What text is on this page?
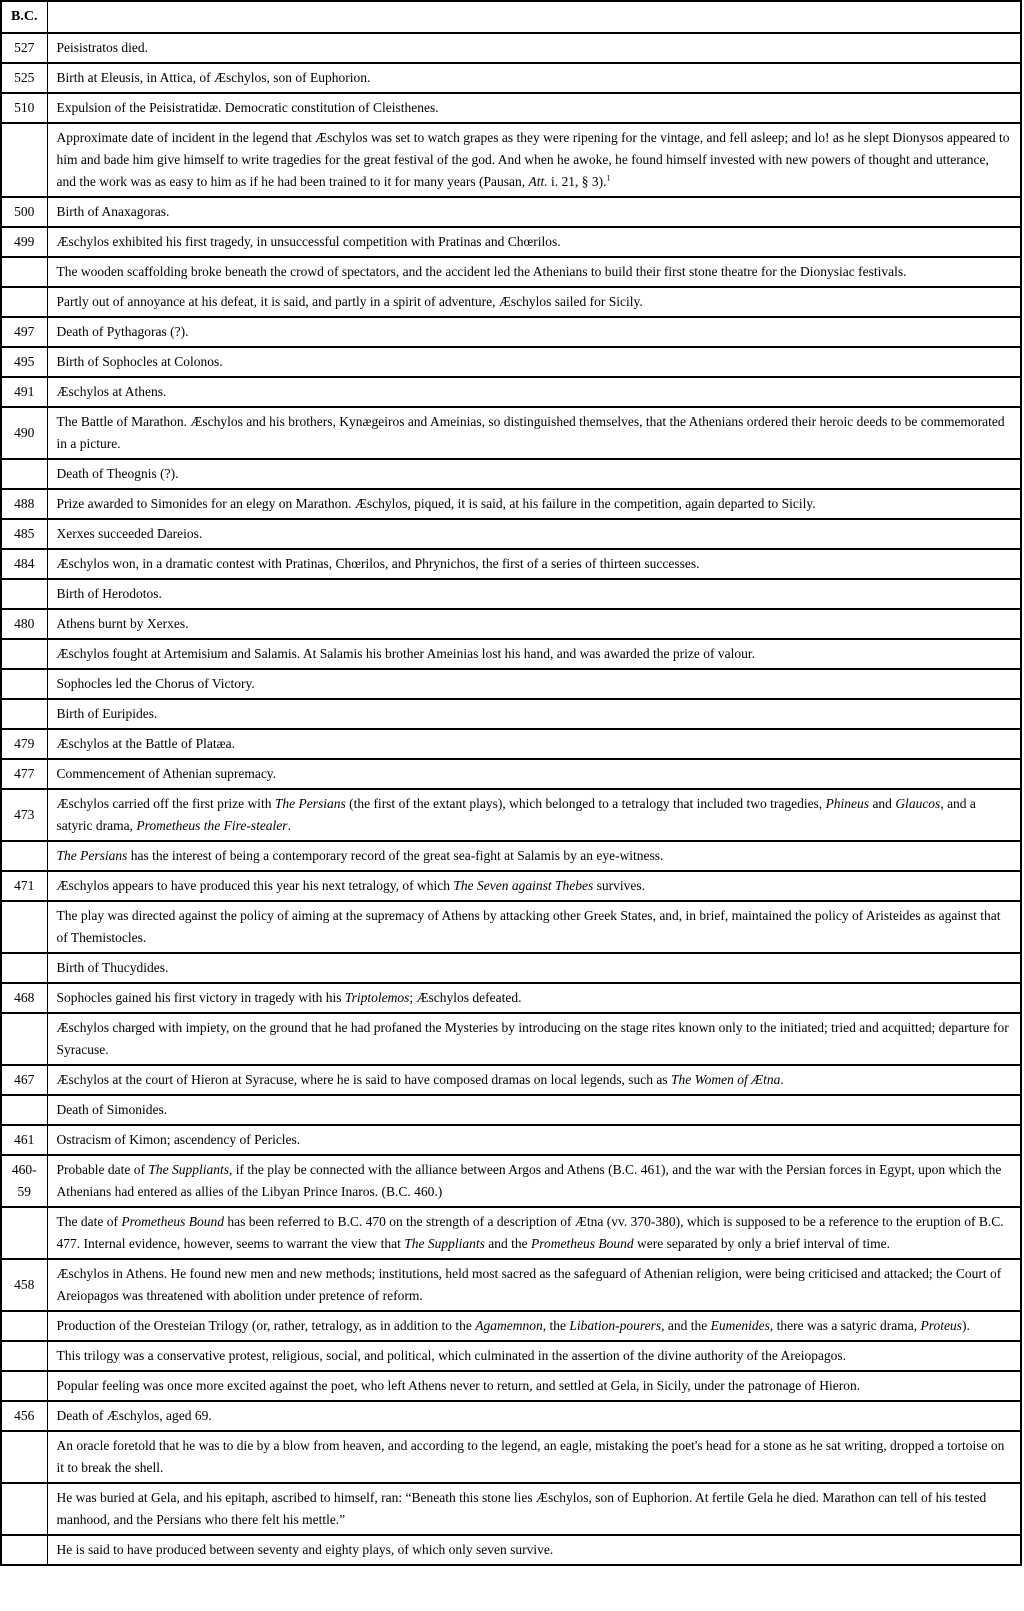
B.C.	
527	Peisistratos died.
525	Birth at Eleusis, in Attica, of Æschylos, son of Euphorion.
510	Expulsion of the Peisistratidæ. Democratic constitution of Cleisthenes.
	Approximate date of incident in the legend that Æschylos was set to watch grapes as they were ripening for the vintage, and fell asleep; and lo! as he slept Dionysos appeared to him and bade him give himself to write tragedies for the great festival of the god. And when he awoke, he found himself invested with new powers of thought and utterance, and the work was as easy to him as if he had been trained to it for many years (Pausan, Att. i. 21, § 3).$^1$
500	Birth of Anaxagoras.
499	Æschylos exhibited his first tragedy, in unsuccessful competition with Pratinas and Chœrilos.
	The wooden scaffolding broke beneath the crowd of spectators, and the accident led the Athenians to build their first stone theatre for the Dionysiac festivals.
	Partly out of annoyance at his defeat, it is said, and partly in a spirit of adventure, Æschylos sailed for Sicily.
497	Death of Pythagoras (?).
495	Birth of Sophocles at Colonos.
491	Æschylos at Athens.
490	The Battle of Marathon. Æschylos and his brothers, Kynægeiros and Ameinias, so distinguished themselves, that the Athenians ordered their heroic deeds to be commemorated in a picture.
	Death of Theognis (?).
488	Prize awarded to Simonides for an elegy on Marathon. Æschylos, piqued, it is said, at his failure in the competition, again departed to Sicily.
485	Xerxes succeeded Dareios.
484	Æschylos won, in a dramatic contest with Pratinas, Chœrilos, and Phrynichos, the first of a series of thirteen successes.
	Birth of Herodotos.
480	Athens burnt by Xerxes.
	Æschylos fought at Artemisium and Salamis. At Salamis his brother Ameinias lost his hand, and was awarded the prize of valour.
	Sophocles led the Chorus of Victory.
	Birth of Euripides.
479	Æschylos at the Battle of Platæa.
477	Commencement of Athenian supremacy.
473	Æschylos carried off the first prize with The Persians (the first of the extant plays), which belonged to a tetralogy that included two tragedies, Phineus and Glaucos, and a satyric drama, Prometheus the Fire-stealer.
	The Persians has the interest of being a contemporary record of the great sea-fight at Salamis by an eye-witness.
471	Æschylos appears to have produced this year his next tetralogy, of which The Seven against Thebes survives.
	The play was directed against the policy of aiming at the supremacy of Athens by attacking other Greek States, and, in brief, maintained the policy of Aristeides as against that of Themistocles.
	Birth of Thucydides.
468	Sophocles gained his first victory in tragedy with his Triptolemos; Æschylos defeated.
	Æschylos charged with impiety, on the ground that he had profaned the Mysteries by introducing on the stage rites known only to the initiated; tried and acquitted; departure for Syracuse.
467	Æschylos at the court of Hieron at Syracuse, where he is said to have composed dramas on local legends, such as The Women of Ætna.
	Death of Simonides.
461	Ostracism of Kimon; ascendency of Pericles.
460-59	Probable date of The Suppliants, if the play be connected with the alliance between Argos and Athens (B.C. 461), and the war with the Persian forces in Egypt, upon which the Athenians had entered as allies of the Libyan Prince Inaros. (B.C. 460.)
	The date of Prometheus Bound has been referred to B.C. 470 on the strength of a description of Ætna (vv. 370-380), which is supposed to be a reference to the eruption of B.C. 477. Internal evidence, however, seems to warrant the view that The Suppliants and the Prometheus Bound were separated by only a brief interval of time.
458	Æschylos in Athens. He found new men and new methods; institutions, held most sacred as the safeguard of Athenian religion, were being criticised and attacked; the Court of Areiopagos was threatened with abolition under pretence of reform.
	Production of the Oresteian Trilogy (or, rather, tetralogy, as in addition to the Agamemnon, the Libation-pourers, and the Eumenides, there was a satyric drama, Proteus).
	This trilogy was a conservative protest, religious, social, and political, which culminated in the assertion of the divine authority of the Areiopagos.
	Popular feeling was once more excited against the poet, who left Athens never to return, and settled at Gela, in Sicily, under the patronage of Hieron.
456	Death of Æschylos, aged 69.
	An oracle foretold that he was to die by a blow from heaven, and according to the legend, an eagle, mistaking the poet's head for a stone as he sat writing, dropped a tortoise on it to break the shell.
	He was buried at Gela, and his epitaph, ascribed to himself, ran: “Beneath this stone lies Æschylos, son of Euphorion. At fertile Gela he died. Marathon can tell of his tested manhood, and the Persians who there felt his mettle.”
	He is said to have produced between seventy and eighty plays, of which only seven survive.
